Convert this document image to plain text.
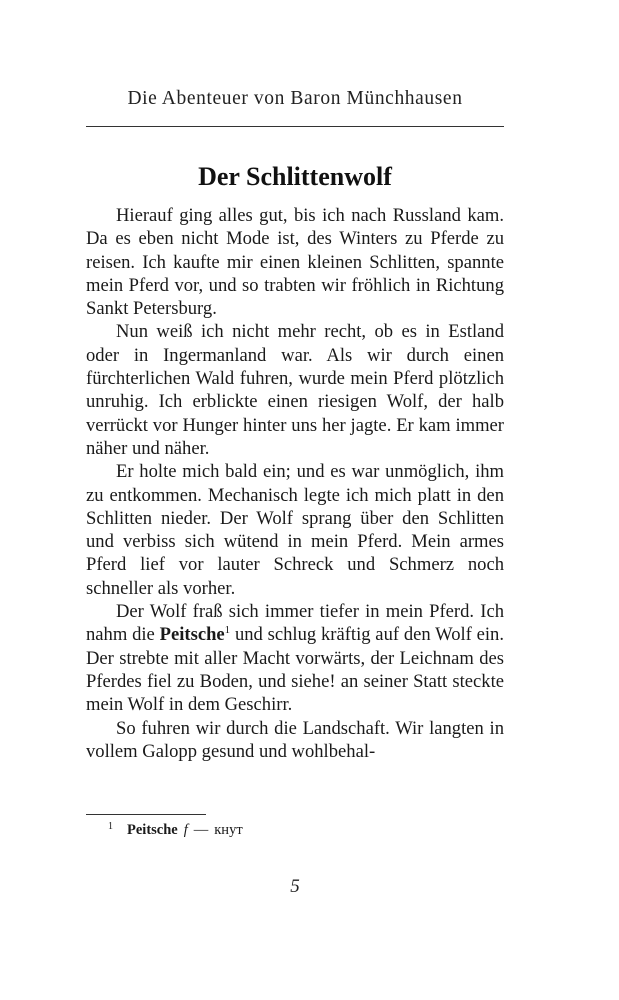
Die Abenteuer von Baron Münchhausen
Der Schlittenwolf

Hierauf ging alles gut, bis ich nach Russland kam. Da es eben nicht Mode ist, des Winters zu Pferde zu reisen. Ich kaufte mir einen kleinen Schlitten, spannte mein Pferd vor, und so trabten wir fröhlich in Richtung Sankt Petersburg.

Nun weiß ich nicht mehr recht, ob es in Estland oder in Ingermanland war. Als wir durch einen fürchterlichen Wald fuhren, wurde mein Pferd plötzlich unruhig. Ich erblickte einen riesigen Wolf, der halb verrückt vor Hunger hinter uns her jagte. Er kam immer näher und näher.

Er holte mich bald ein; und es war unmöglich, ihm zu entkommen. Mechanisch legte ich mich platt in den Schlitten nieder. Der Wolf sprang über den Schlitten und verbiss sich wütend in mein Pferd. Mein armes Pferd lief vor lauter Schreck und Schmerz noch schneller als vorher.

Der Wolf fraß sich immer tiefer in mein Pferd. Ich nahm die Peitsche$^1$ und schlug kräftig auf den Wolf ein. Der strebte mit aller Macht vorwärts, der Leichnam des Pferdes fiel zu Boden, und siehe! an seiner Statt steckte mein Wolf in dem Geschirr.

So fuhren wir durch die Landschaft. Wir langten in vollem Galopp gesund und wohlbehal-

$^1$ Peitsche f — кнут
5
